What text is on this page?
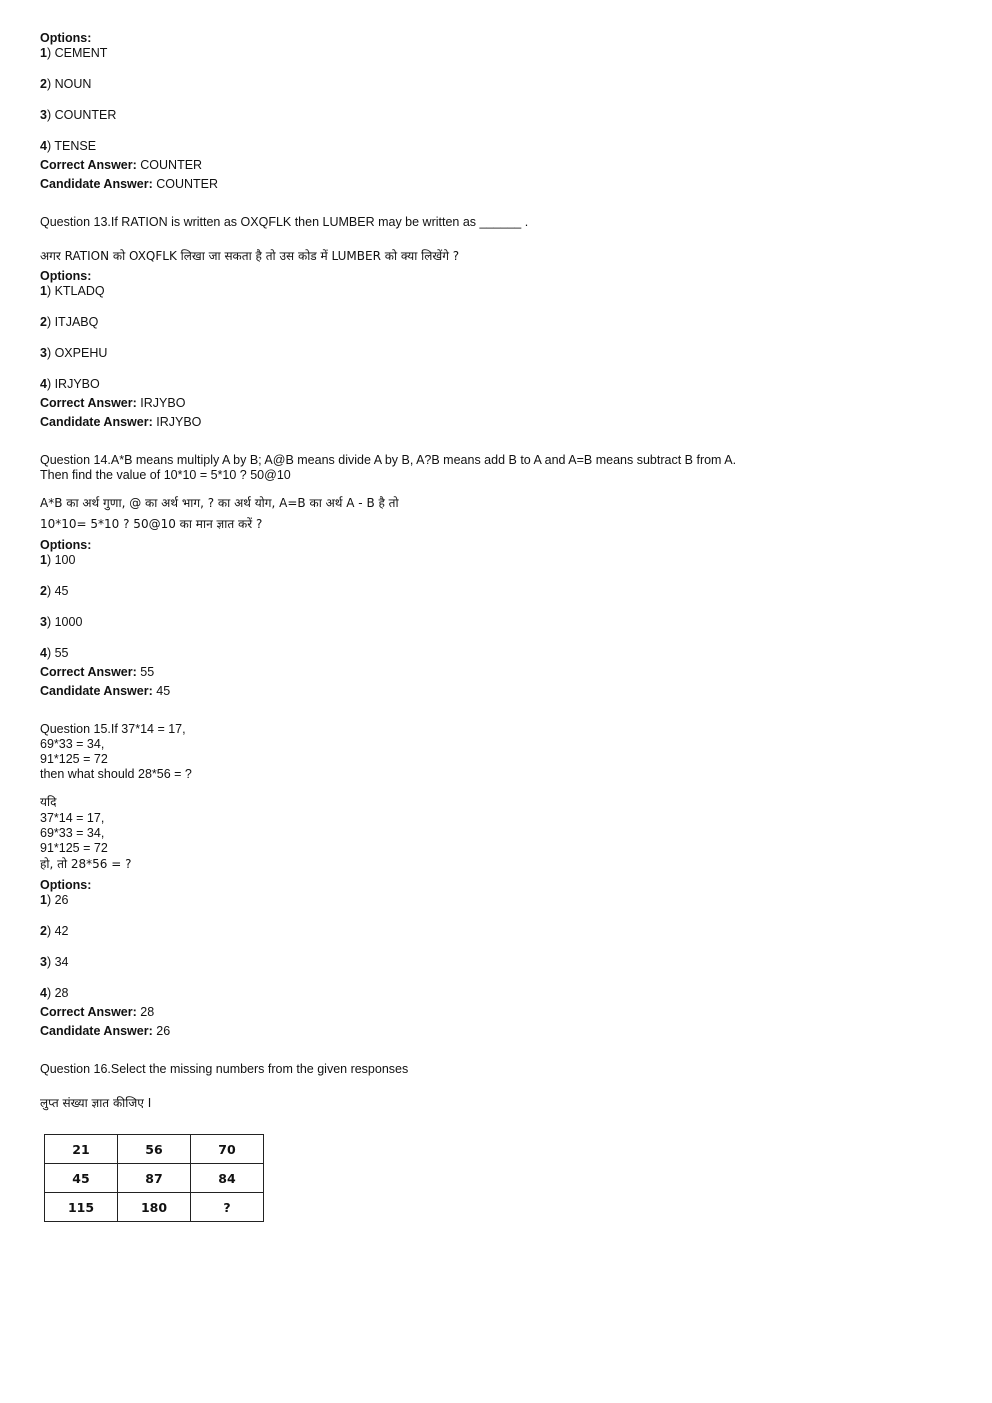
Options:
1) CEMENT
2) NOUN
3) COUNTER
4) TENSE
Correct Answer: COUNTER
Candidate Answer: COUNTER
Question 13.If RATION is written as OXQFLK then LUMBER may be written as ______ .
अगर RATION को OXQFLK लिखा जा सकता है तो उस कोड में LUMBER को क्या लिखेंगे ?
Options:
1) KTLADQ
2) ITJABQ
3) OXPEHU
4) IRJYBO
Correct Answer: IRJYBO
Candidate Answer: IRJYBO
Question 14.A*B means multiply A by B; A@B means divide A by B, A?B means add B to A and A=B means subtract B from A.
Then find the value of 10*10 = 5*10 ? 50@10
A*B का अर्थ गुणा, @ का अर्थ भाग, ? का अर्थ योग, A=B का अर्थ A - B है तो
10*10= 5*10 ? 50@10 का मान ज्ञात करें ?
Options:
1) 100
2) 45
3) 1000
4) 55
Correct Answer: 55
Candidate Answer: 45
Question 15.If 37*14 = 17,
69*33 = 34,
91*125 = 72
then what should 28*56 = ?
यदि
37*14 = 17,
69*33 = 34,
91*125 = 72
हो, तो 28*56 = ?
Options:
1) 26
2) 42
3) 34
4) 28
Correct Answer: 28
Candidate Answer: 26
Question 16.Select the missing numbers from the given responses
लुप्त संख्या ज्ञात कीजिए I
21	56	70
45	87	84
115	180	?
